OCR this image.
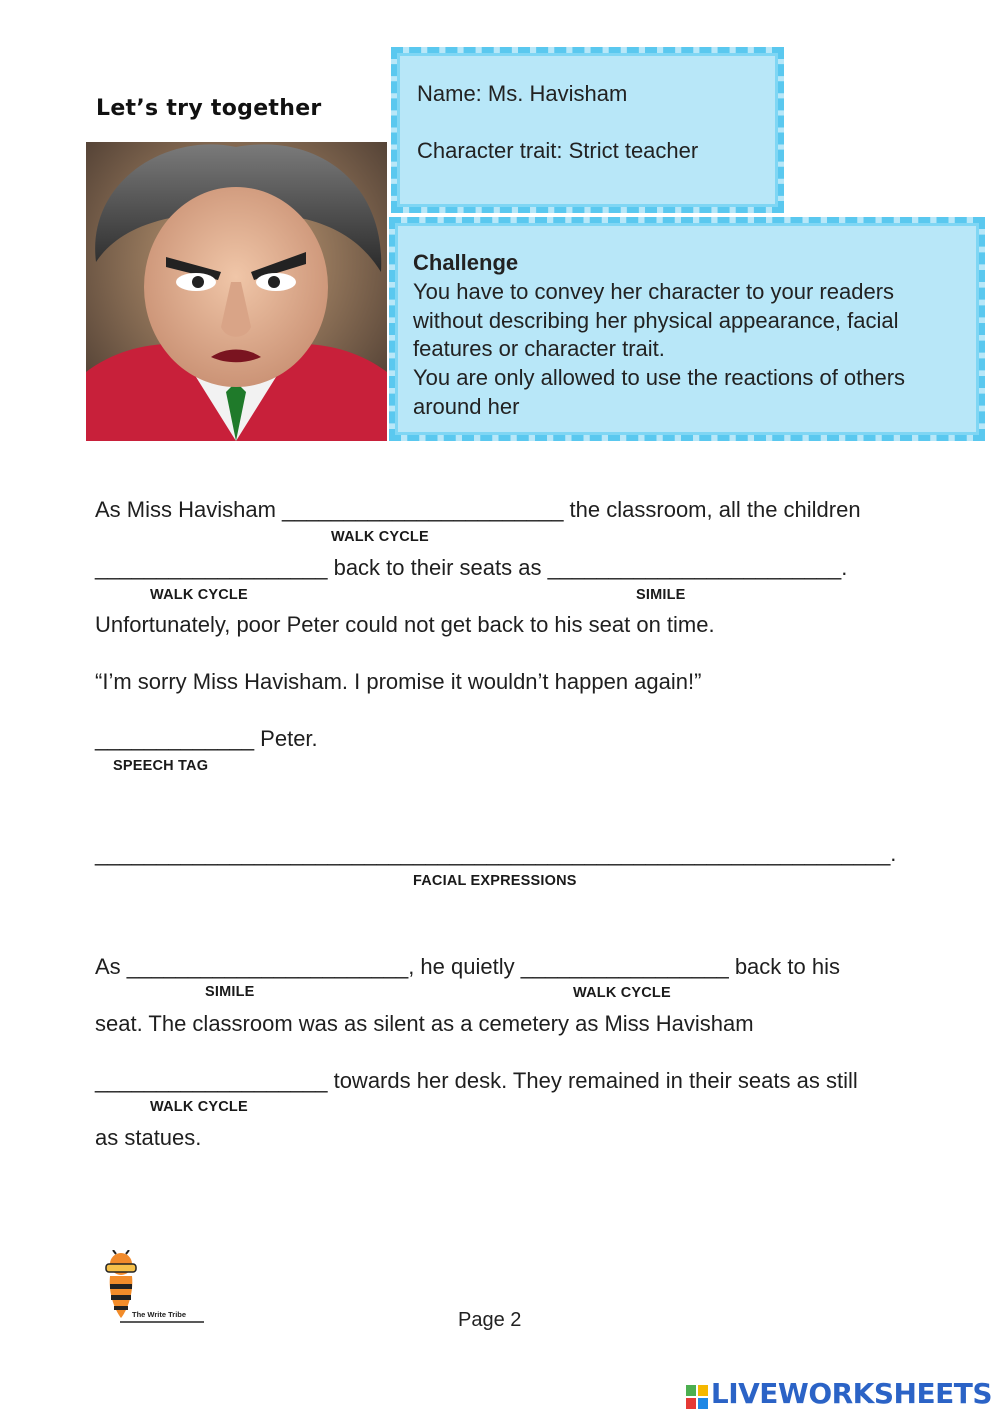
Let’s try together

Name: Ms. Havisham

Character trait: Strict teacher

Challenge

You have to convey her character to your readers

without describing her physical appearance, facial

features or character trait.

You are only allowed to use the reactions of others

around her

As Miss Havisham _______________________ the classroom, all the children
WALK CYCLE
___________________ back to their seats as ________________________.
WALK CYCLE	SIMILE
Unfortunately, poor Peter could not get back to his seat on time.
“I’m sorry Miss Havisham. I promise it wouldn’t happen again!”
_____________ Peter.
SPEECH TAG
_________________________________________________________________.
FACIAL EXPRESSIONS
As _______________________, he quietly _________________ back to his
SIMILE	WALK CYCLE
seat. The classroom was as silent as a cemetery as Miss Havisham
___________________ towards her desk. They remained in their seats as still
WALK CYCLE
as statues.
The Write Tribe	Page 2
LIVEWORKSHEETS
